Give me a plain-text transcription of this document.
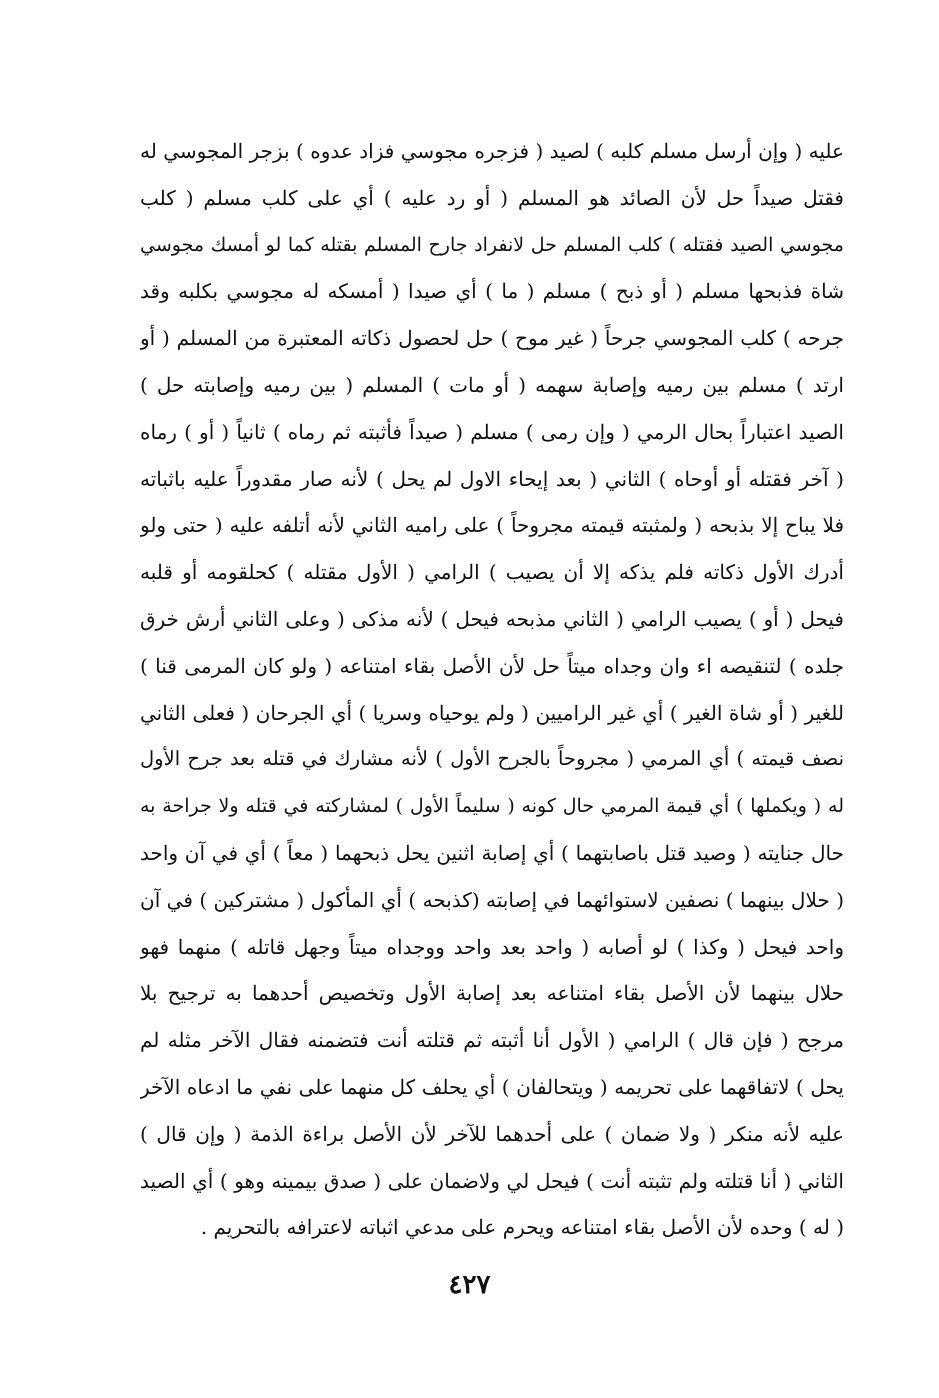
عليه ( وإن أرسل مسلم كلبه ) لصيد ( فزجره مجوسي فزاد عدوه ) بزجر المجوسي له
فقتل صيداً حل لأن الصائد هو المسلم ( أو رد عليه ) أي على كلب مسلم ( كلب
مجوسي الصيد فقتله ) كلب المسلم حل لانفراد جارح المسلم بقتله كما لو أمسك مجوسي
شاة فذبحها مسلم ( أو ذبح ) مسلم ( ما ) أي صيدا ( أمسكه له مجوسي بكلبه وقد
جرحه ) كلب المجوسي جرحاً ( غير موح ) حل لحصول ذكاته المعتبرة من المسلم ( أو
ارتد ) مسلم بين رميه وإصابة سهمه ( أو مات ) المسلم ( بين رميه وإصابته حل )
الصيد اعتباراً بحال الرمي ( وإن رمى ) مسلم ( صيداً فأثبته ثم رماه ) ثانياً ( أو ) رماه
( آخر فقتله أو أوحاه ) الثاني ( بعد إيحاء الاول لم يحل ) لأنه صار مقدوراً عليه باثباته
فلا يباح إلا بذبحه ( ولمثبته قيمته مجروحاً ) على راميه الثاني لأنه أتلفه عليه ( حتى ولو
أدرك الأول ذكاته فلم يذكه إلا أن يصيب ) الرامي ( الأول مقتله ) كحلقومه أو قلبه
فيحل ( أو ) يصيب الرامي ( الثاني مذبحه فيحل ) لأنه مذكى ( وعلى الثاني أرش خرق
جلده ) لتنقيصه اء وان وجداه ميتاً حل لأن الأصل بقاء امتناعه ( ولو كان المرمى قنا )
للغير ( أو شاة الغير ) أي غير الراميين ( ولم يوحياه وسريا ) أي الجرحان ( فعلى الثاني
نصف قيمته ) أي المرمي ( مجروحاً بالجرح الأول ) لأنه مشارك في قتله بعد جرح الأول
له ( ويكملها ) أي قيمة المرمي حال كونه ( سليماً الأول ) لمشاركته في قتله ولا جراحة به
حال جنايته ( وصيد قتل باصابتهما ) أي إصابة اثنين يحل ذبحهما ( معاً ) أي في آن واحد
( حلال بينهما ) نصفين لاستوائهما في إصابته (كذبحه ) أي المأكول ( مشتركين ) في آن
واحد فيحل ( وكذا ) لو أصابه ( واحد بعد واحد ووجداه ميتاً وجهل قاتله ) منهما فهو
حلال بينهما لأن الأصل بقاء امتناعه بعد إصابة الأول وتخصيص أحدهما به ترجيح بلا
مرجح ( فإن قال ) الرامي ( الأول أنا أثبته ثم قتلته أنت فتضمنه فقال الآخر مثله لم
يحل ) لاتفاقهما على تحريمه ( ويتحالفان ) أي يحلف كل منهما على نفي ما ادعاه الآخر
عليه لأنه منكر ( ولا ضمان ) على أحدهما للآخر لأن الأصل براءة الذمة ( وإن قال )
الثاني ( أنا قتلته ولم تثبته أنت ) فيحل لي ولاضمان على ( صدق بيمينه وهو ) أي الصيد
( له ) وحده لأن الأصل بقاء امتناعه ويحرم على مدعي اثباته لاعترافه بالتحريم .
٤٢٧
